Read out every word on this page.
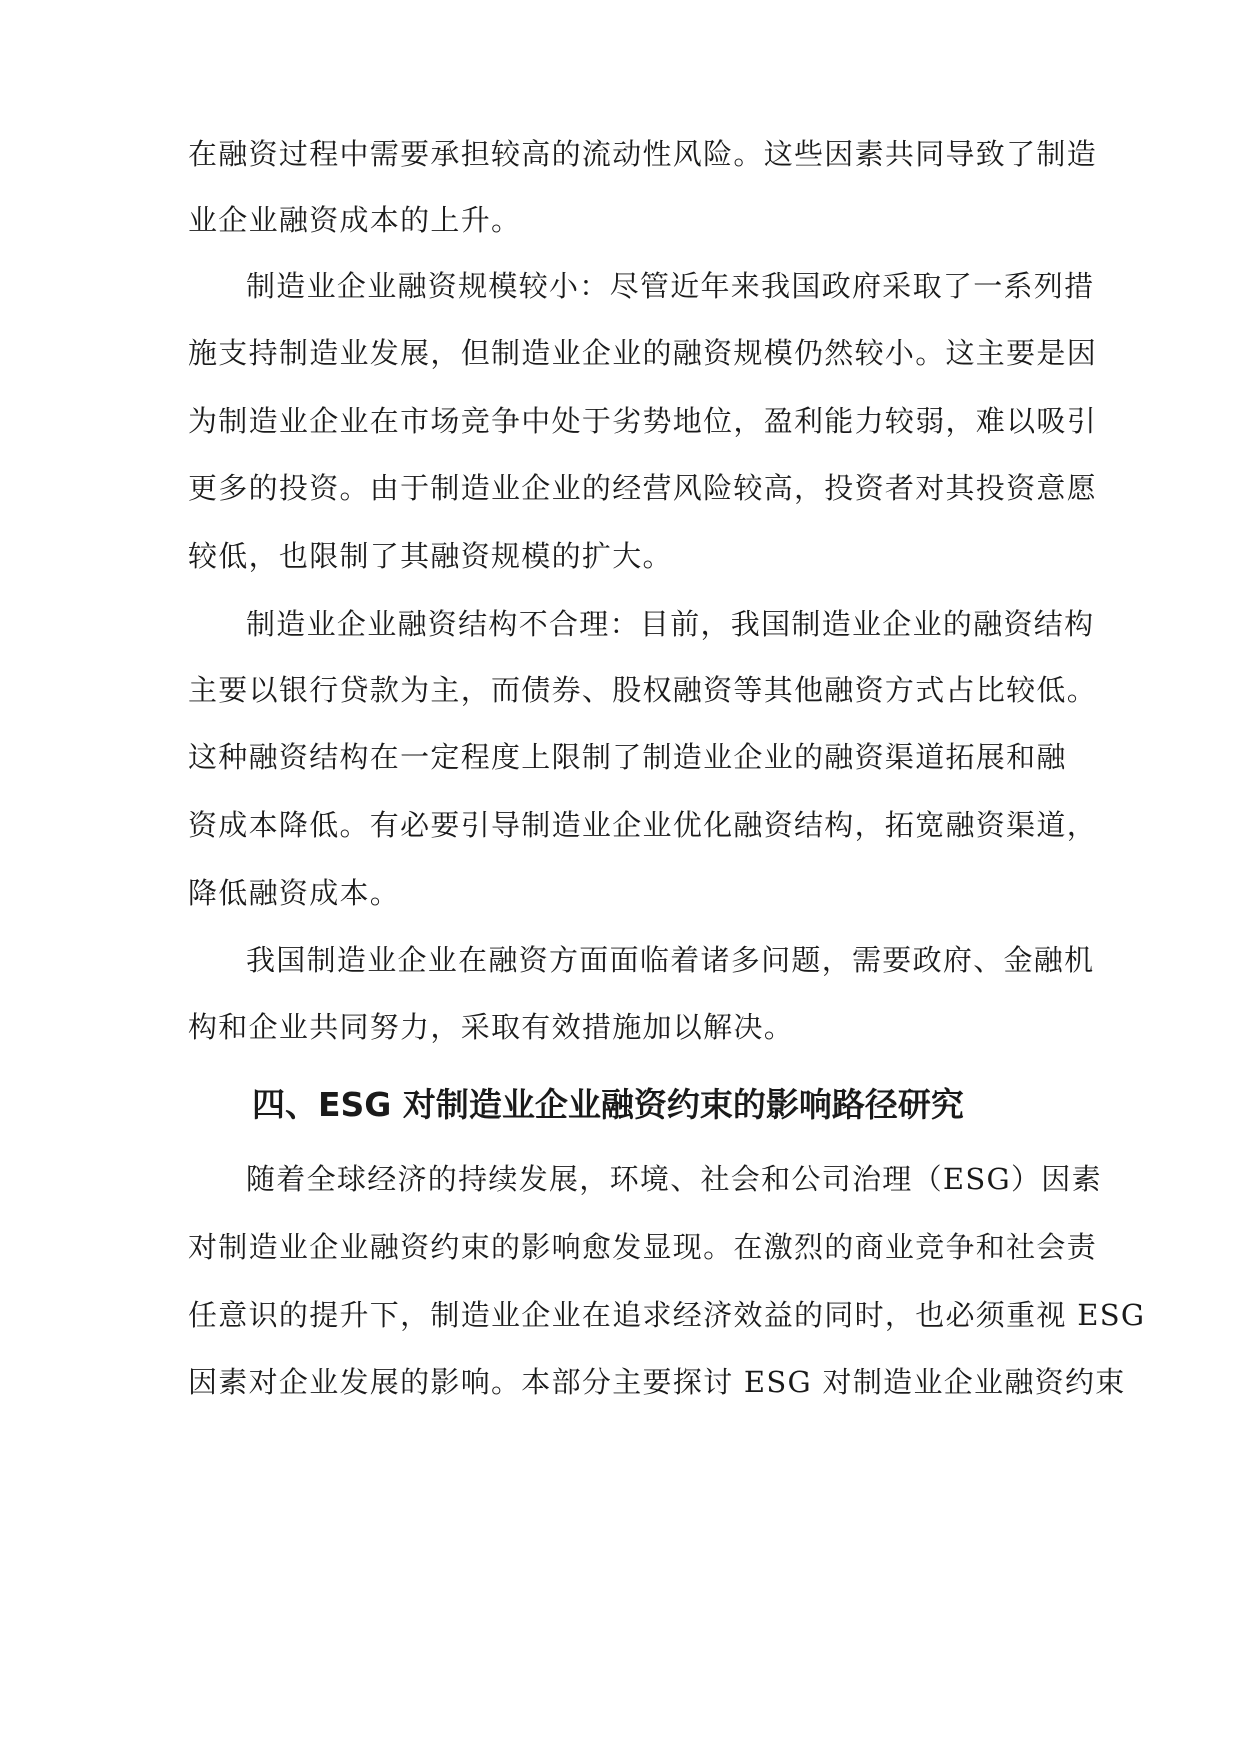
在融资过程中需要承担较高的流动性风险。这些因素共同导致了制造
业企业融资成本的上升。
制造业企业融资规模较小：尽管近年来我国政府采取了一系列措
施支持制造业发展，但制造业企业的融资规模仍然较小。这主要是因
为制造业企业在市场竞争中处于劣势地位，盈利能力较弱，难以吸引
更多的投资。由于制造业企业的经营风险较高，投资者对其投资意愿
较低，也限制了其融资规模的扩大。
制造业企业融资结构不合理：目前，我国制造业企业的融资结构
主要以银行贷款为主，而债券、股权融资等其他融资方式占比较低。
这种融资结构在一定程度上限制了制造业企业的融资渠道拓展和融
资成本降低。有必要引导制造业企业优化融资结构，拓宽融资渠道，
降低融资成本。
我国制造业企业在融资方面面临着诸多问题，需要政府、金融机
构和企业共同努力，采取有效措施加以解决。
四、ESG 对制造业企业融资约束的影响路径研究
随着全球经济的持续发展，环境、社会和公司治理（ESG）因素
对制造业企业融资约束的影响愈发显现。在激烈的商业竞争和社会责
任意识的提升下，制造业企业在追求经济效益的同时，也必须重视 ESG
因素对企业发展的影响。本部分主要探讨 ESG 对制造业企业融资约束
